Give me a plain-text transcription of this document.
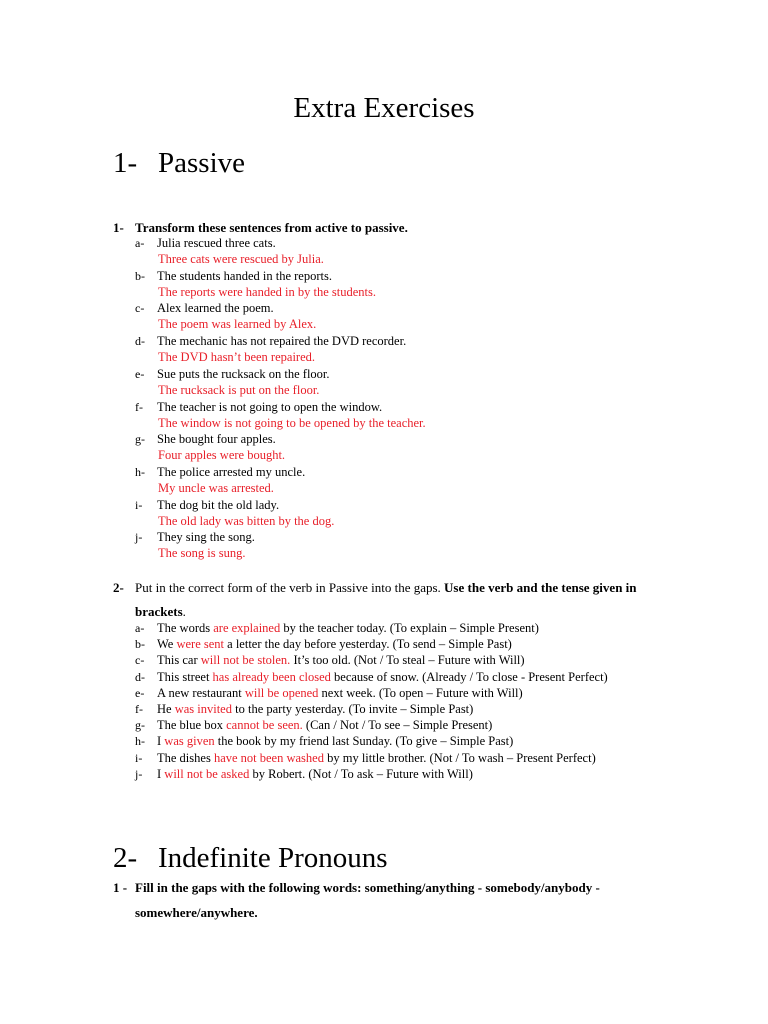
Extra Exercises
1- Passive
1- Transform these sentences from active to passive.
a- Julia rescued three cats.
Three cats were rescued by Julia.
b- The students handed in the reports.
The reports were handed in by the students.
c- Alex learned the poem.
The poem was learned by Alex.
d- The mechanic has not repaired the DVD recorder.
The DVD hasn’t been repaired.
e- Sue puts the rucksack on the floor.
The rucksack is put on the floor.
f- The teacher is not going to open the window.
The window is not going to be opened by the teacher.
g- She bought four apples.
Four apples were bought.
h- The police arrested my uncle.
My uncle was arrested.
i- The dog bit the old lady.
The old lady was bitten by the dog.
j- They sing the song.
The song is sung.
2- Put in the correct form of the verb in Passive into the gaps. Use the verb and the tense given in
brackets.
a- The words are explained by the teacher today. (To explain – Simple Present)
b- We were sent a letter the day before yesterday. (To send – Simple Past)
c- This car will not be stolen. It’s too old. (Not / To steal – Future with Will)
d- This street has already been closed because of snow. (Already / To close - Present Perfect)
e- A new restaurant will be opened next week. (To open – Future with Will)
f- He was invited to the party yesterday. (To invite – Simple Past)
g- The blue box cannot be seen. (Can / Not / To see – Simple Present)
h- I was given the book by my friend last Sunday. (To give – Simple Past)
i- The dishes have not been washed by my little brother. (Not / To wash – Present Perfect)
j- I will not be asked by Robert. (Not / To ask – Future with Will)
2- Indefinite Pronouns
1 - Fill in the gaps with the following words: something/anything - somebody/anybody -
somewhere/anywhere.
